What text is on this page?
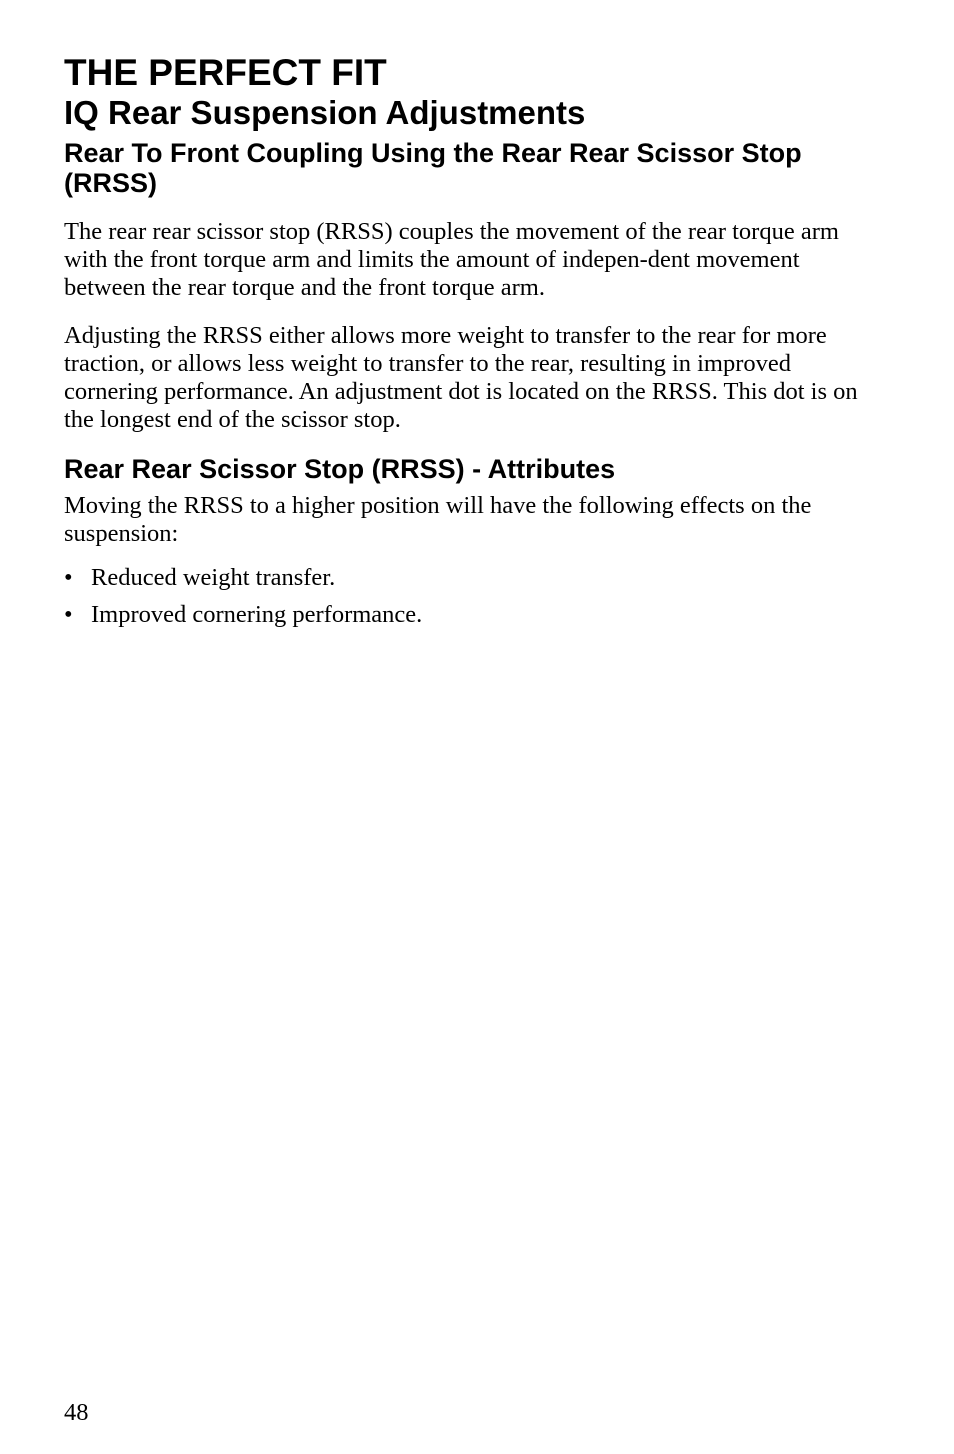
THE PERFECT FIT
IQ Rear Suspension Adjustments
Rear To Front Coupling Using the Rear Rear Scissor Stop (RRSS)

The rear rear scissor stop (RRSS) couples the movement of the rear torque arm with the front torque arm and limits the amount of indepen-dent movement between the rear torque and the front torque arm.

Adjusting the RRSS either allows more weight to transfer to the rear for more traction, or allows less weight to transfer to the rear, resulting in improved cornering performance. An adjustment dot is located on the RRSS. This dot is on the longest end of the scissor stop.

Rear Rear Scissor Stop (RRSS) - Attributes

Moving the RRSS to a higher position will have the following effects on the suspension:

• Reduced weight transfer.
• Improved cornering performance.
48
